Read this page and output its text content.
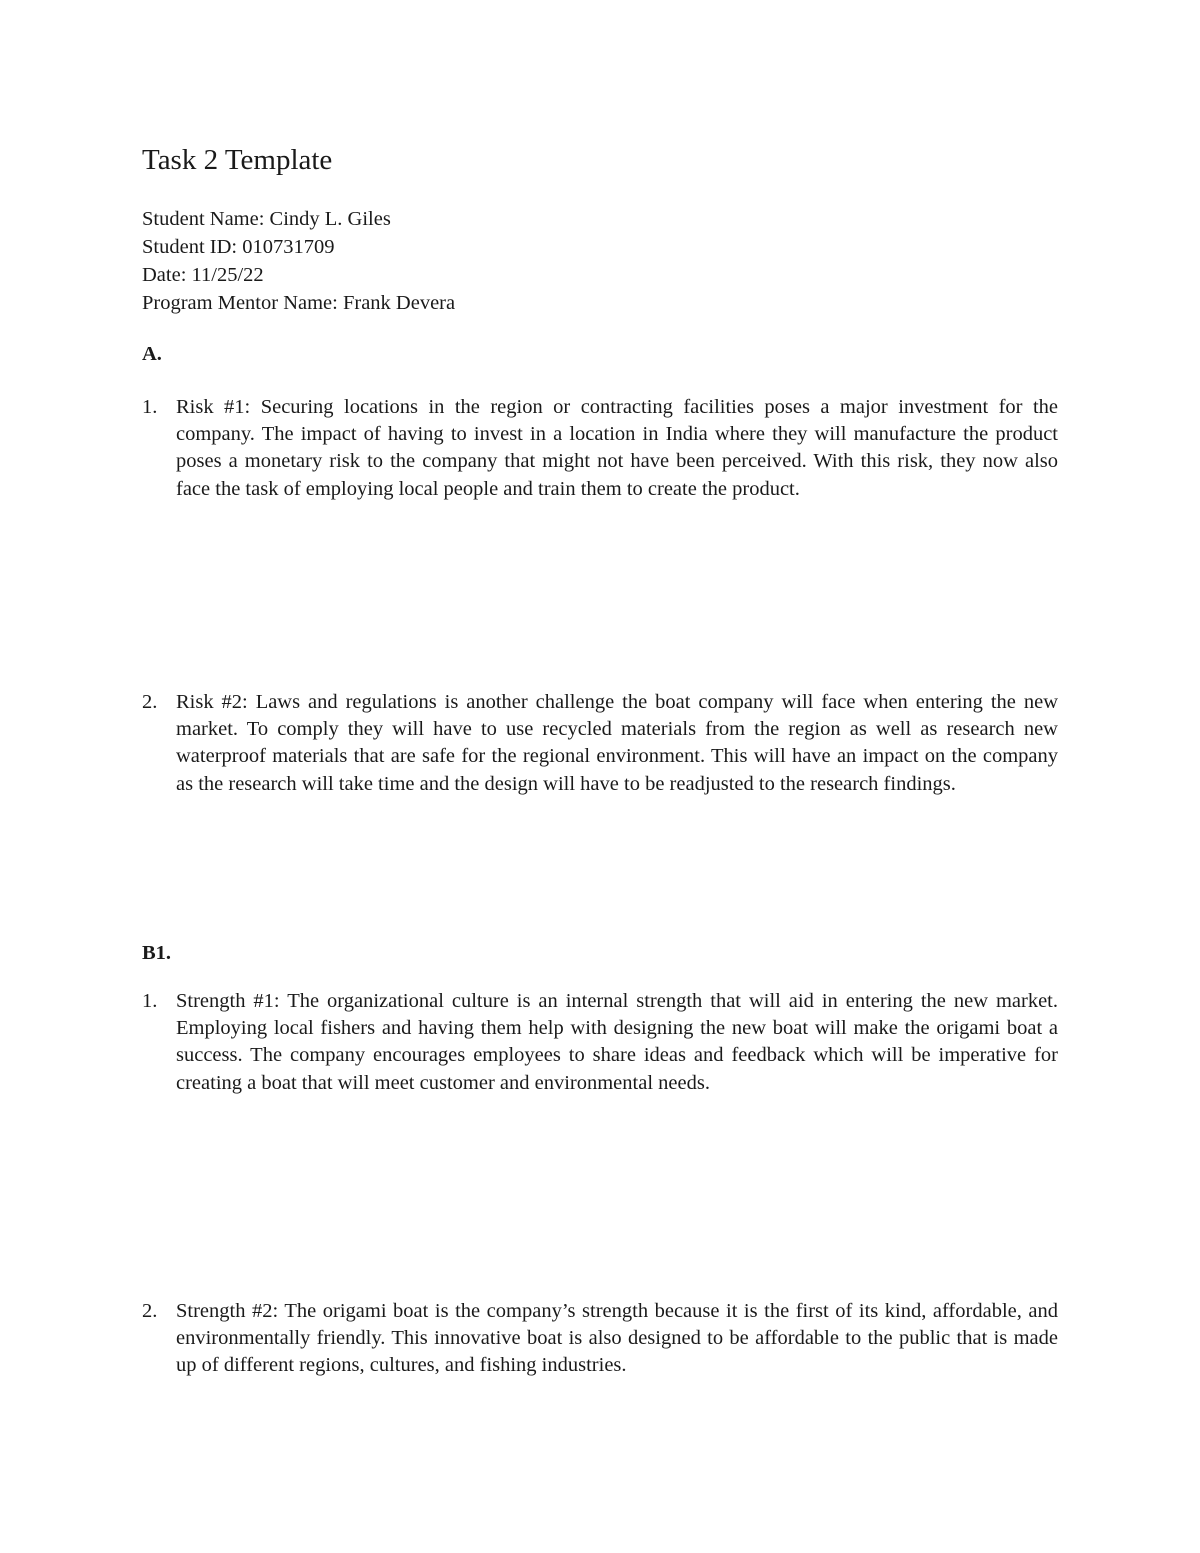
Task 2 Template
Student Name: Cindy L. Giles
Student ID: 010731709
Date: 11/25/22
Program Mentor Name: Frank Devera
A.
1. Risk #1: Securing locations in the region or contracting facilities poses a major investment for the company. The impact of having to invest in a location in India where they will manufacture the product poses a monetary risk to the company that might not have been perceived. With this risk, they now also face the task of employing local people and train them to create the product.
2. Risk #2: Laws and regulations is another challenge the boat company will face when entering the new market. To comply they will have to use recycled materials from the region as well as research new waterproof materials that are safe for the regional environment. This will have an impact on the company as the research will take time and the design will have to be readjusted to the research findings.
B1.
1. Strength #1: The organizational culture is an internal strength that will aid in entering the new market. Employing local fishers and having them help with designing the new boat will make the origami boat a success. The company encourages employees to share ideas and feedback which will be imperative for creating a boat that will meet customer and environmental needs.
2. Strength #2: The origami boat is the company’s strength because it is the first of its kind, affordable, and environmentally friendly. This innovative boat is also designed to be affordable to the public that is made up of different regions, cultures, and fishing industries.
